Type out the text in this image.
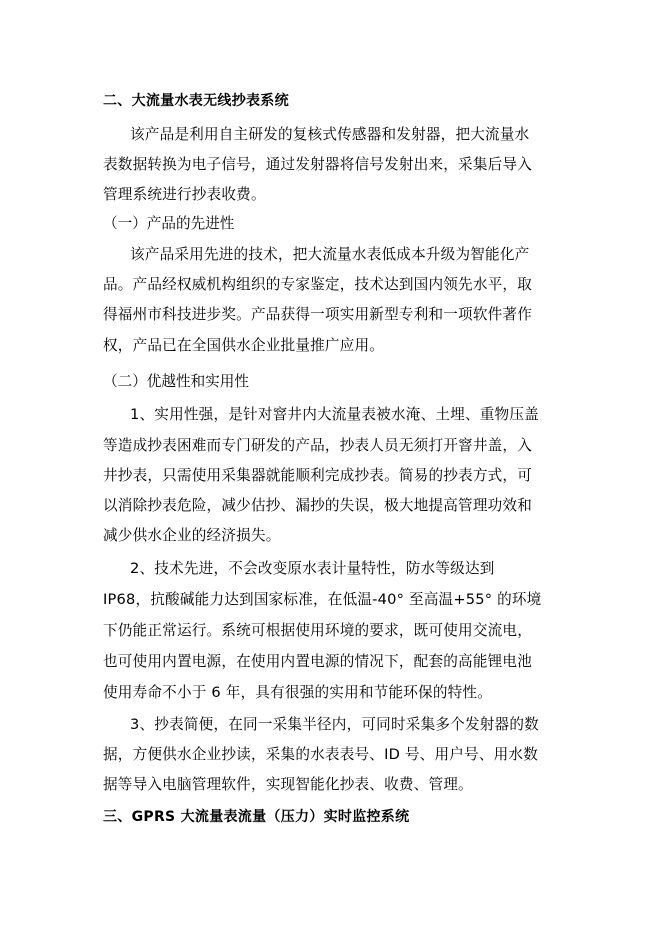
二、大流量水表无线抄表系统
该产品是利用自主研发的复核式传感器和发射器，把大流量水
表数据转换为电子信号，通过发射器将信号发射出来，采集后导入
管理系统进行抄表收费。
（一）产品的先进性
该产品采用先进的技术，把大流量水表低成本升级为智能化产
品。产品经权威机构组织的专家鉴定，技术达到国内领先水平，取
得福州市科技进步奖。产品获得一项实用新型专利和一项软件著作
权，产品已在全国供水企业批量推广应用。
（二）优越性和实用性
1、实用性强，是针对窨井内大流量表被水淹、土埋、重物压盖
等造成抄表困难而专门研发的产品，抄表人员无须打开窨井盖，入
井抄表，只需使用采集器就能顺利完成抄表。简易的抄表方式，可
以消除抄表危险，减少估抄、漏抄的失误，极大地提高管理功效和
减少供水企业的经济损失。
2、技术先进，不会改变原水表计量特性，防水等级达到
IP68，抗酸碱能力达到国家标准，在低温-40° 至高温+55° 的环境
下仍能正常运行。系统可根据使用环境的要求，既可使用交流电，
也可使用内置电源，在使用内置电源的情况下，配套的高能锂电池
使用寿命不小于 6 年，具有很强的实用和节能环保的特性。
3、抄表简便，在同一采集半径内，可同时采集多个发射器的数
据，方便供水企业抄读，采集的水表表号、ID 号、用户号、用水数
据等导入电脑管理软件，实现智能化抄表、收费、管理。
三、GPRS 大流量表流量（压力）实时监控系统
